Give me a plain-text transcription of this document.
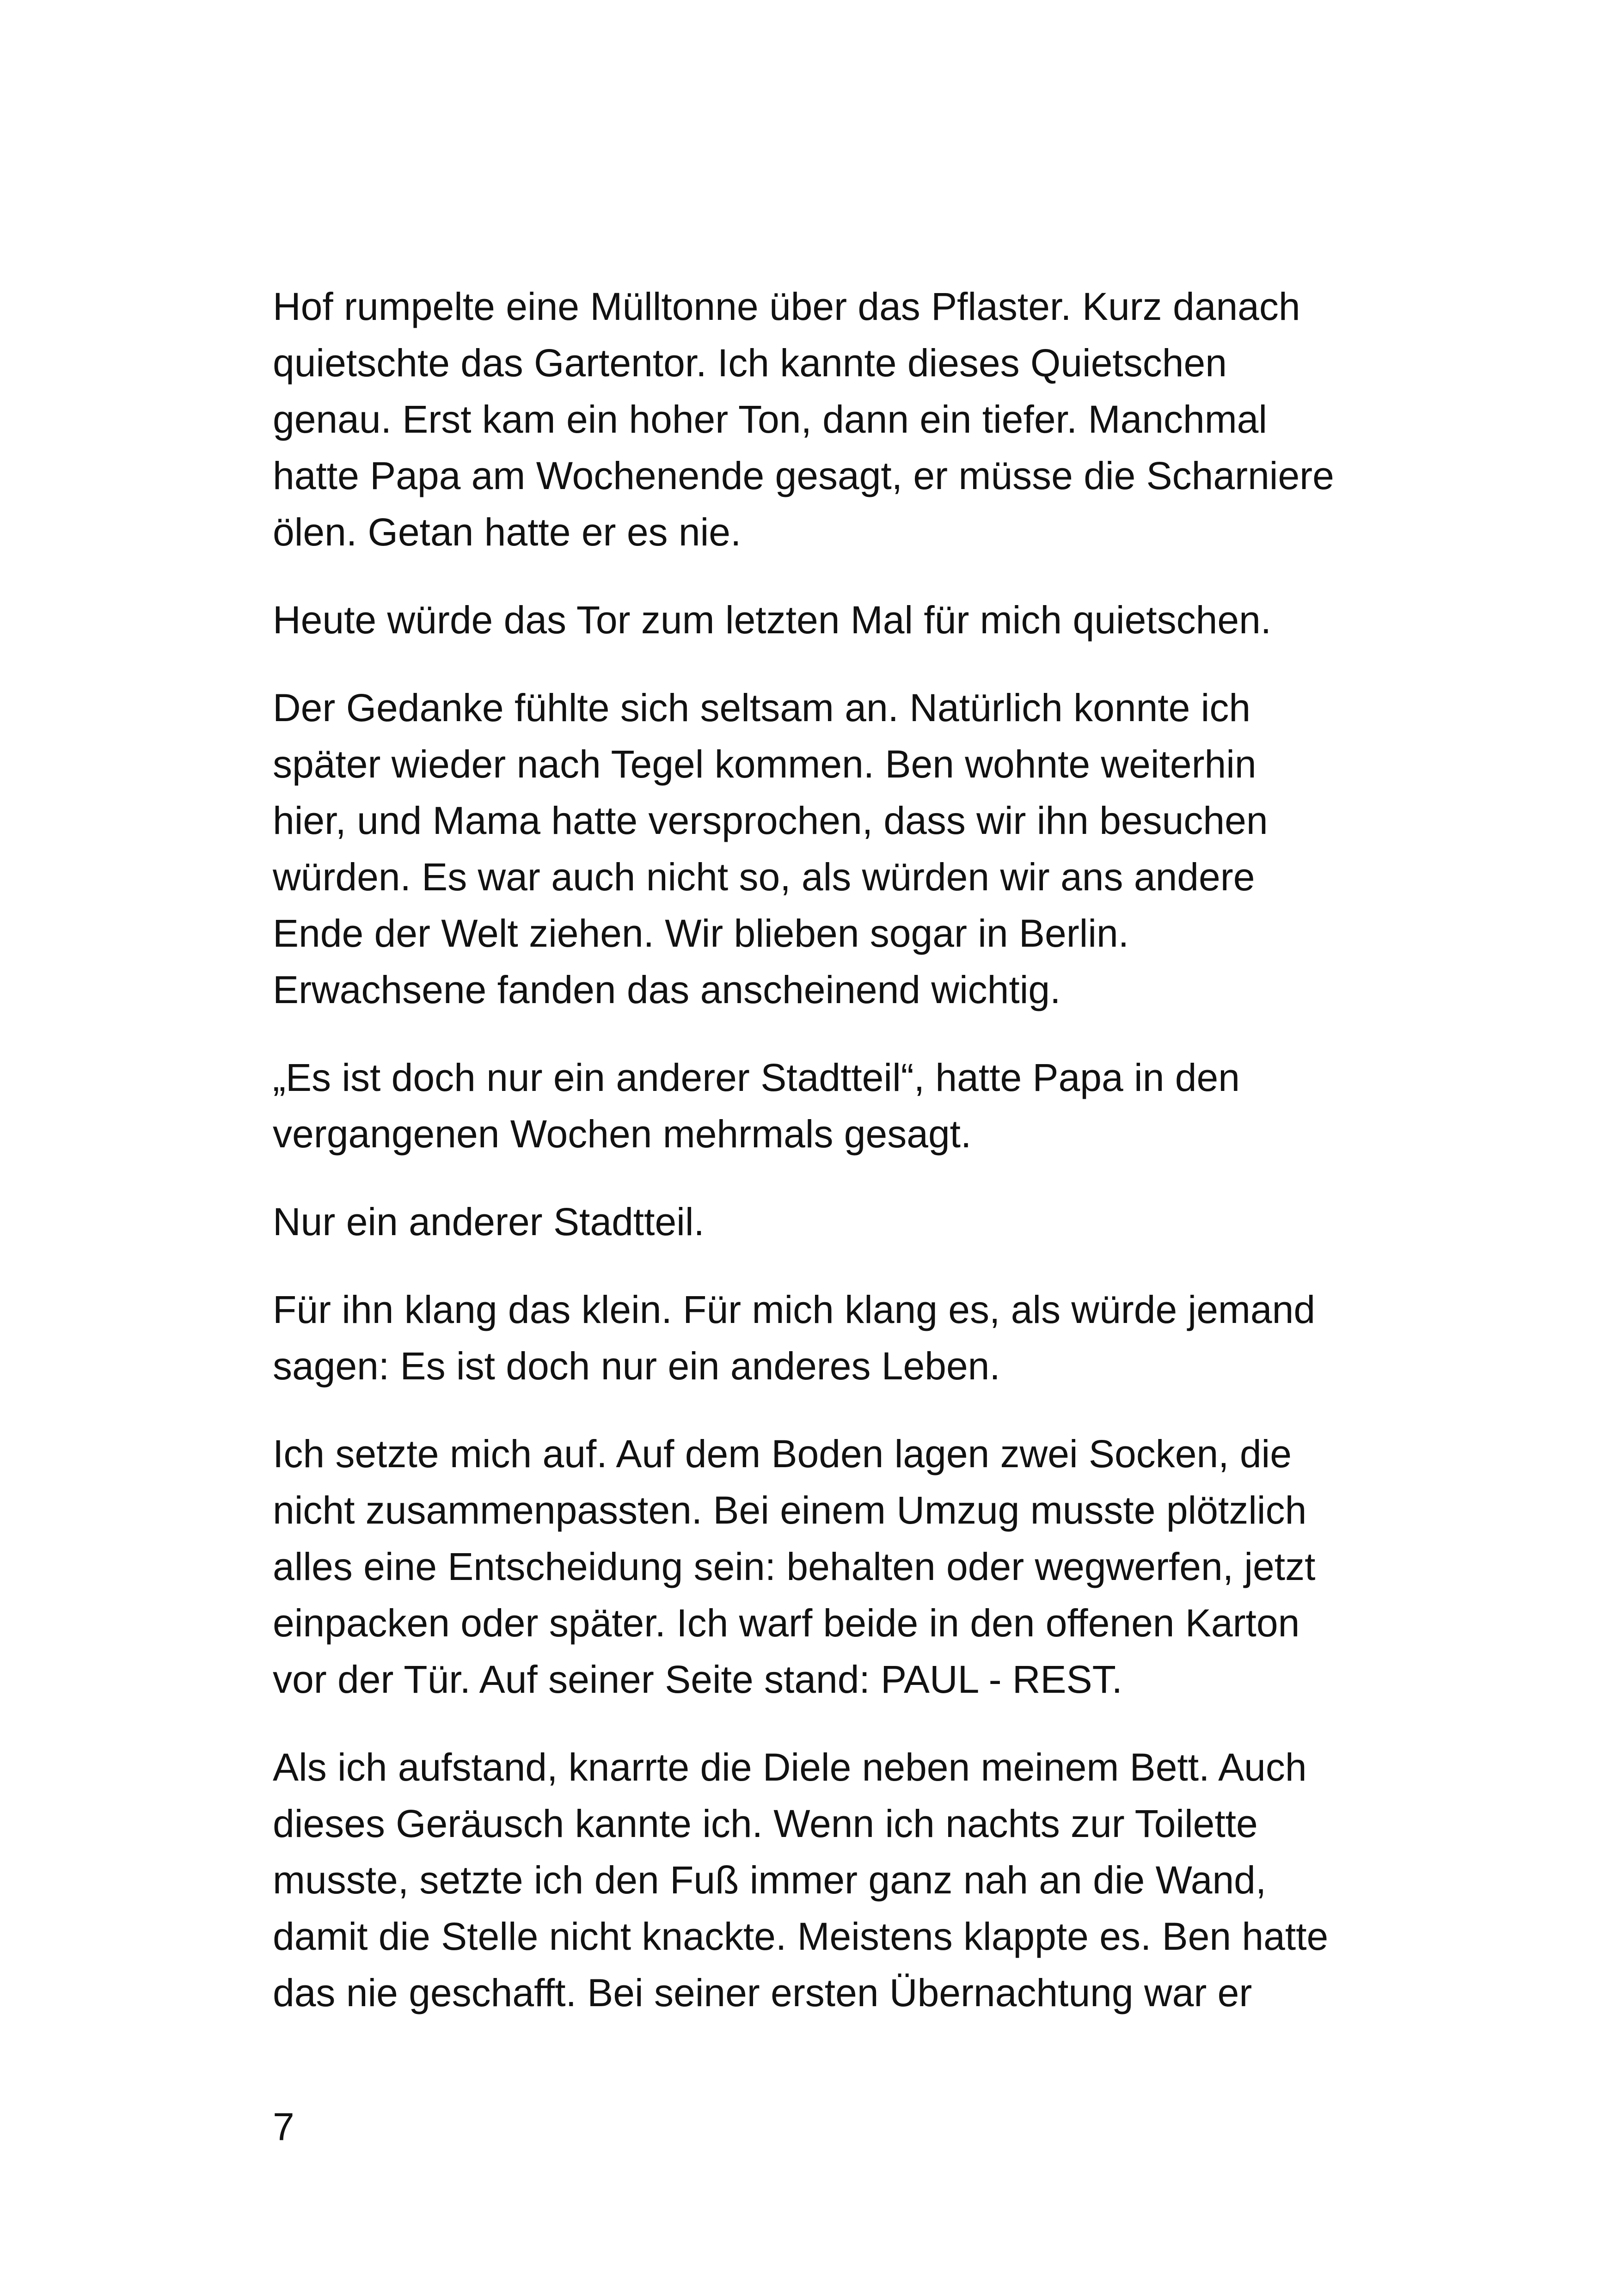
Hof rumpelte eine Mülltonne über das Pflaster. Kurz danach
quietschte das Gartentor. Ich kannte dieses Quietschen
genau. Erst kam ein hoher Ton, dann ein tiefer. Manchmal
hatte Papa am Wochenende gesagt, er müsse die Scharniere
ölen. Getan hatte er es nie.

Heute würde das Tor zum letzten Mal für mich quietschen.

Der Gedanke fühlte sich seltsam an. Natürlich konnte ich
später wieder nach Tegel kommen. Ben wohnte weiterhin
hier, und Mama hatte versprochen, dass wir ihn besuchen
würden. Es war auch nicht so, als würden wir ans andere
Ende der Welt ziehen. Wir blieben sogar in Berlin.
Erwachsene fanden das anscheinend wichtig.

„Es ist doch nur ein anderer Stadtteil“, hatte Papa in den
vergangenen Wochen mehrmals gesagt.

Nur ein anderer Stadtteil.

Für ihn klang das klein. Für mich klang es, als würde jemand
sagen: Es ist doch nur ein anderes Leben.

Ich setzte mich auf. Auf dem Boden lagen zwei Socken, die
nicht zusammenpassten. Bei einem Umzug musste plötzlich
alles eine Entscheidung sein: behalten oder wegwerfen, jetzt
einpacken oder später. Ich warf beide in den offenen Karton
vor der Tür. Auf seiner Seite stand: PAUL - REST.

Als ich aufstand, knarrte die Diele neben meinem Bett. Auch
dieses Geräusch kannte ich. Wenn ich nachts zur Toilette
musste, setzte ich den Fuß immer ganz nah an die Wand,
damit die Stelle nicht knackte. Meistens klappte es. Ben hatte
das nie geschafft. Bei seiner ersten Übernachtung war er

7
